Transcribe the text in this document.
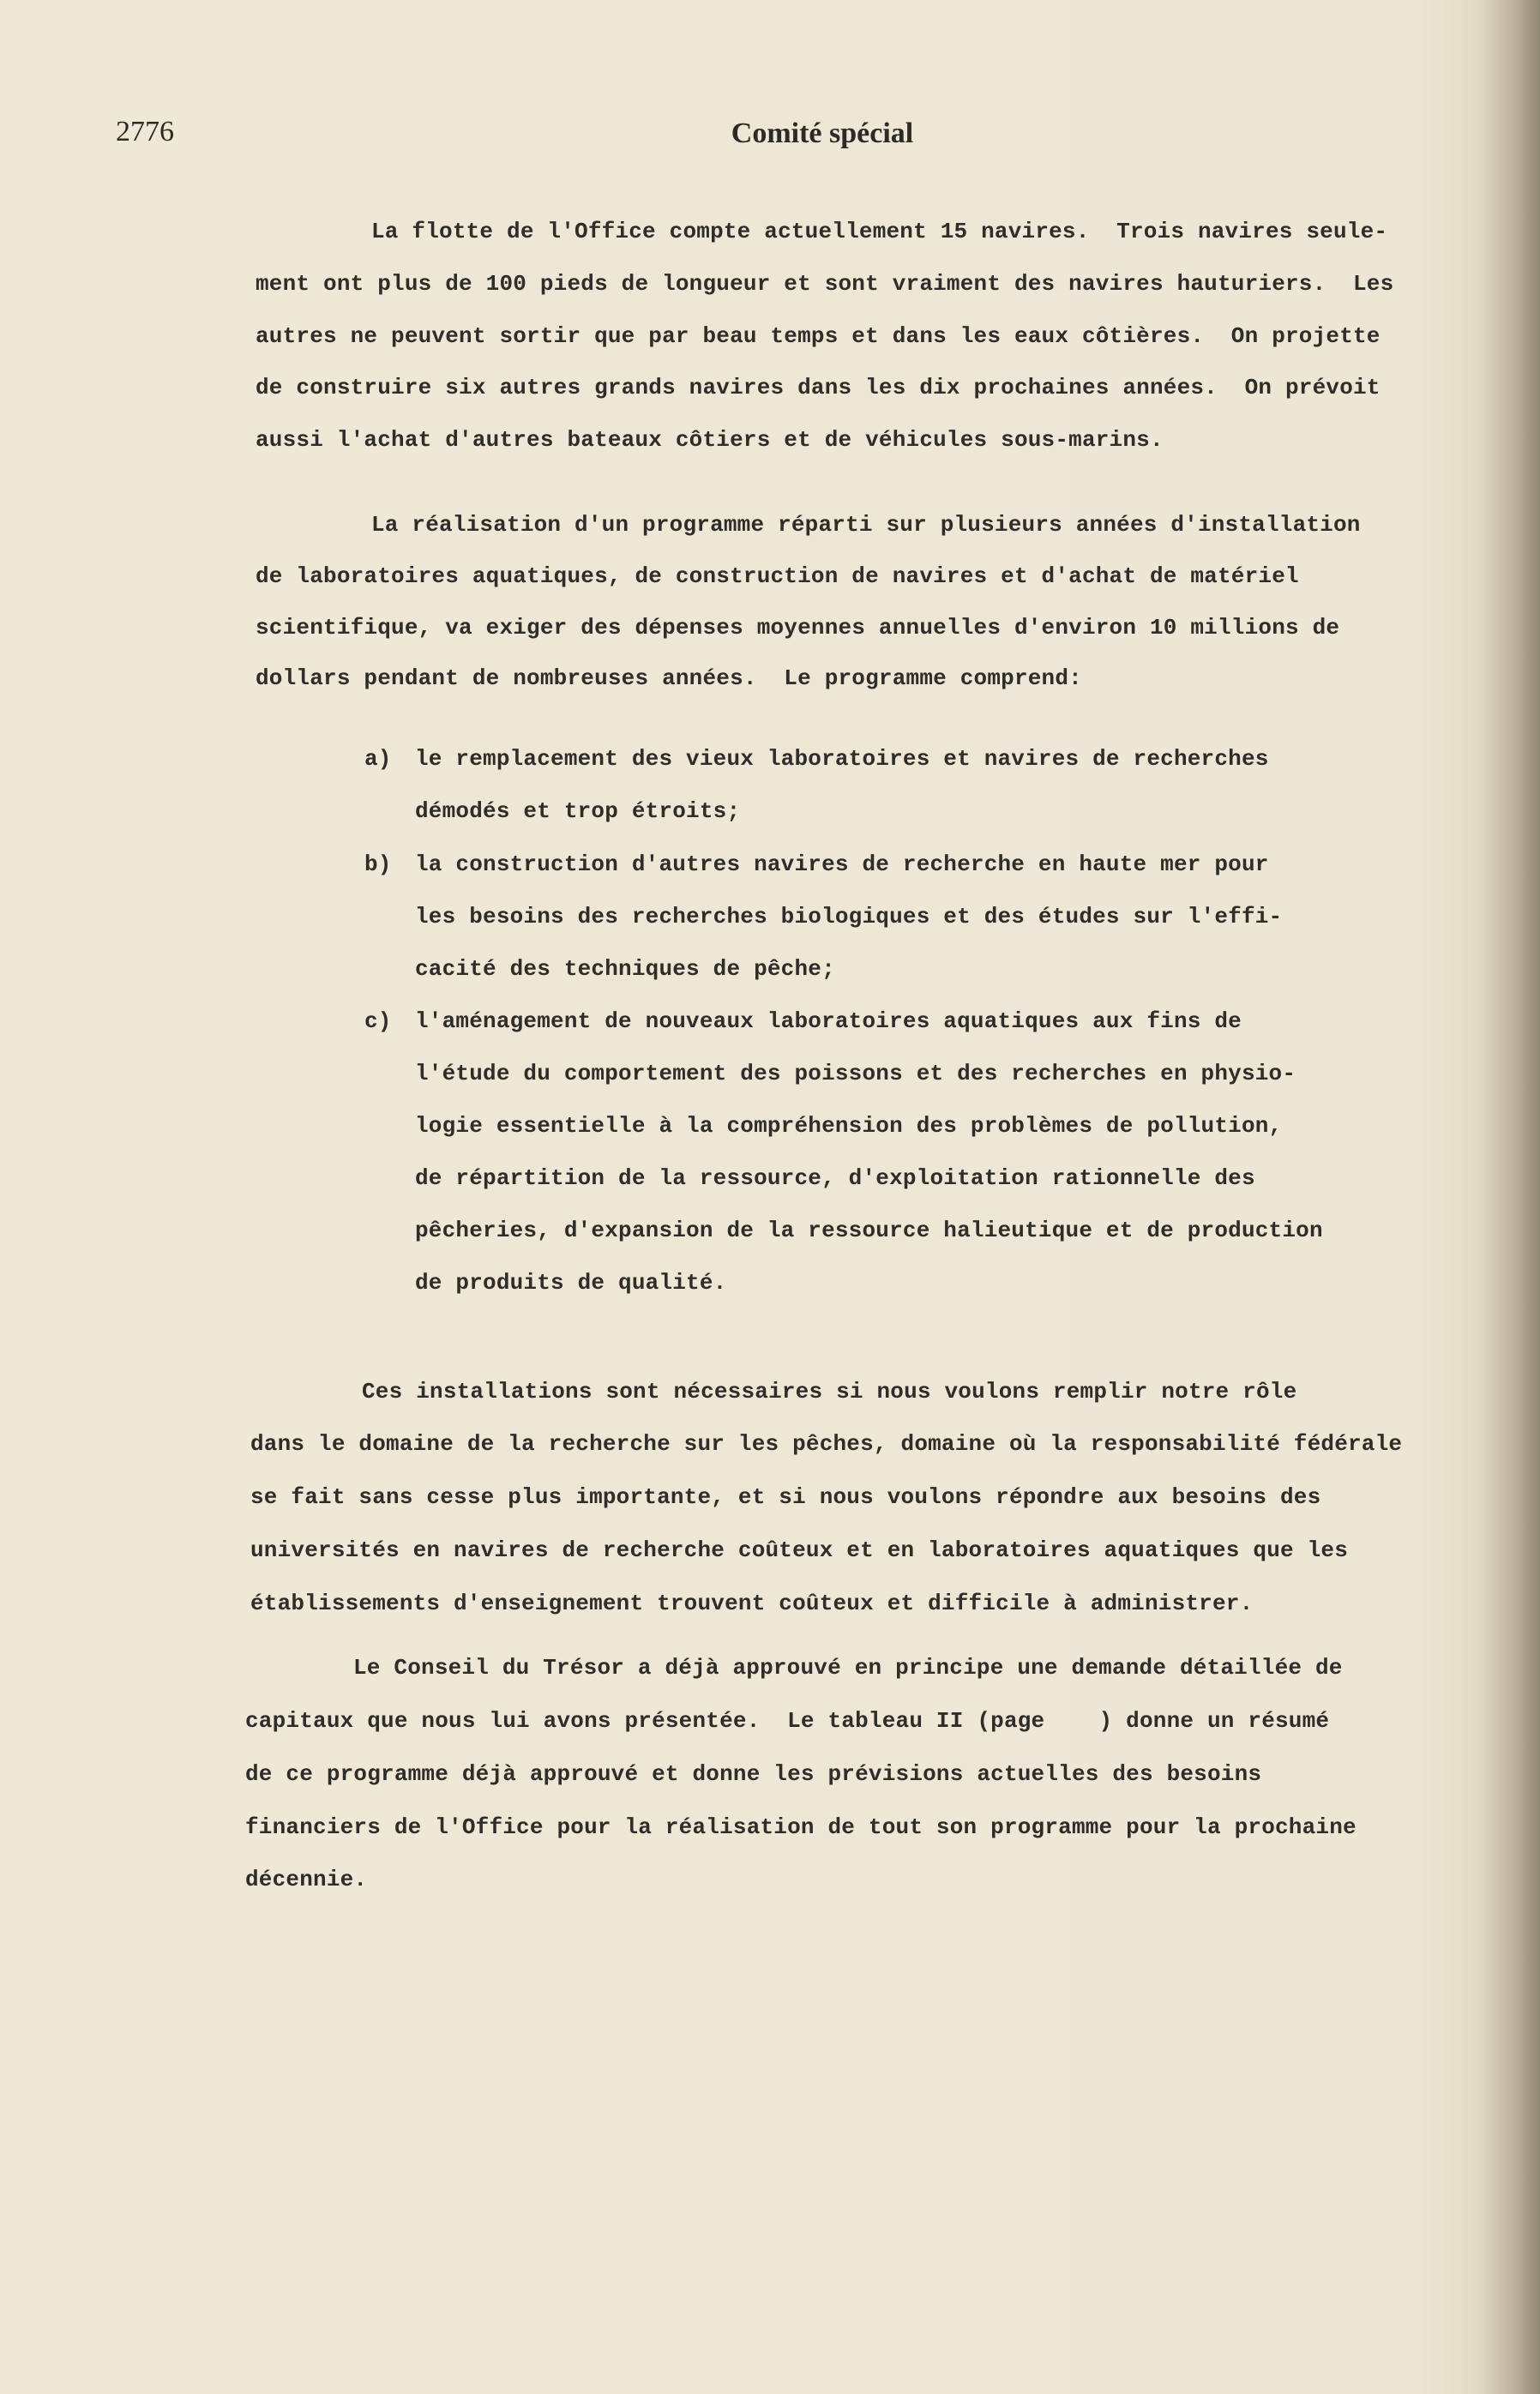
2776	Comité spécial

La flotte de l'Office compte actuellement 15 navires.  Trois navires seule-

ment ont plus de 100 pieds de longueur et sont vraiment des navires hauturiers.  Les

autres ne peuvent sortir que par beau temps et dans les eaux côtières.  On projette

de construire six autres grands navires dans les dix prochaines années.  On prévoit

aussi l'achat d'autres bateaux côtiers et de véhicules sous-marins.

La réalisation d'un programme réparti sur plusieurs années d'installation

de laboratoires aquatiques, de construction de navires et d'achat de matériel

scientifique, va exiger des dépenses moyennes annuelles d'environ 10 millions de

dollars pendant de nombreuses années.  Le programme comprend:

a)

le remplacement des vieux laboratoires et navires de recherches

démodés et trop étroits;

b)

la construction d'autres navires de recherche en haute mer pour

les besoins des recherches biologiques et des études sur l'effi-

cacité des techniques de pêche;

c)

l'aménagement de nouveaux laboratoires aquatiques aux fins de

l'étude du comportement des poissons et des recherches en physio-

logie essentielle à la compréhension des problèmes de pollution,

de répartition de la ressource, d'exploitation rationnelle des

pêcheries, d'expansion de la ressource halieutique et de production

de produits de qualité.

Ces installations sont nécessaires si nous voulons remplir notre rôle

dans le domaine de la recherche sur les pêches, domaine où la responsabilité fédérale

se fait sans cesse plus importante, et si nous voulons répondre aux besoins des

universités en navires de recherche coûteux et en laboratoires aquatiques que les

établissements d'enseignement trouvent coûteux et difficile à administrer.

Le Conseil du Trésor a déjà approuvé en principe une demande détaillée de

capitaux que nous lui avons présentée.  Le tableau II (page    ) donne un résumé

de ce programme déjà approuvé et donne les prévisions actuelles des besoins

financiers de l'Office pour la réalisation de tout son programme pour la prochaine

décennie.
